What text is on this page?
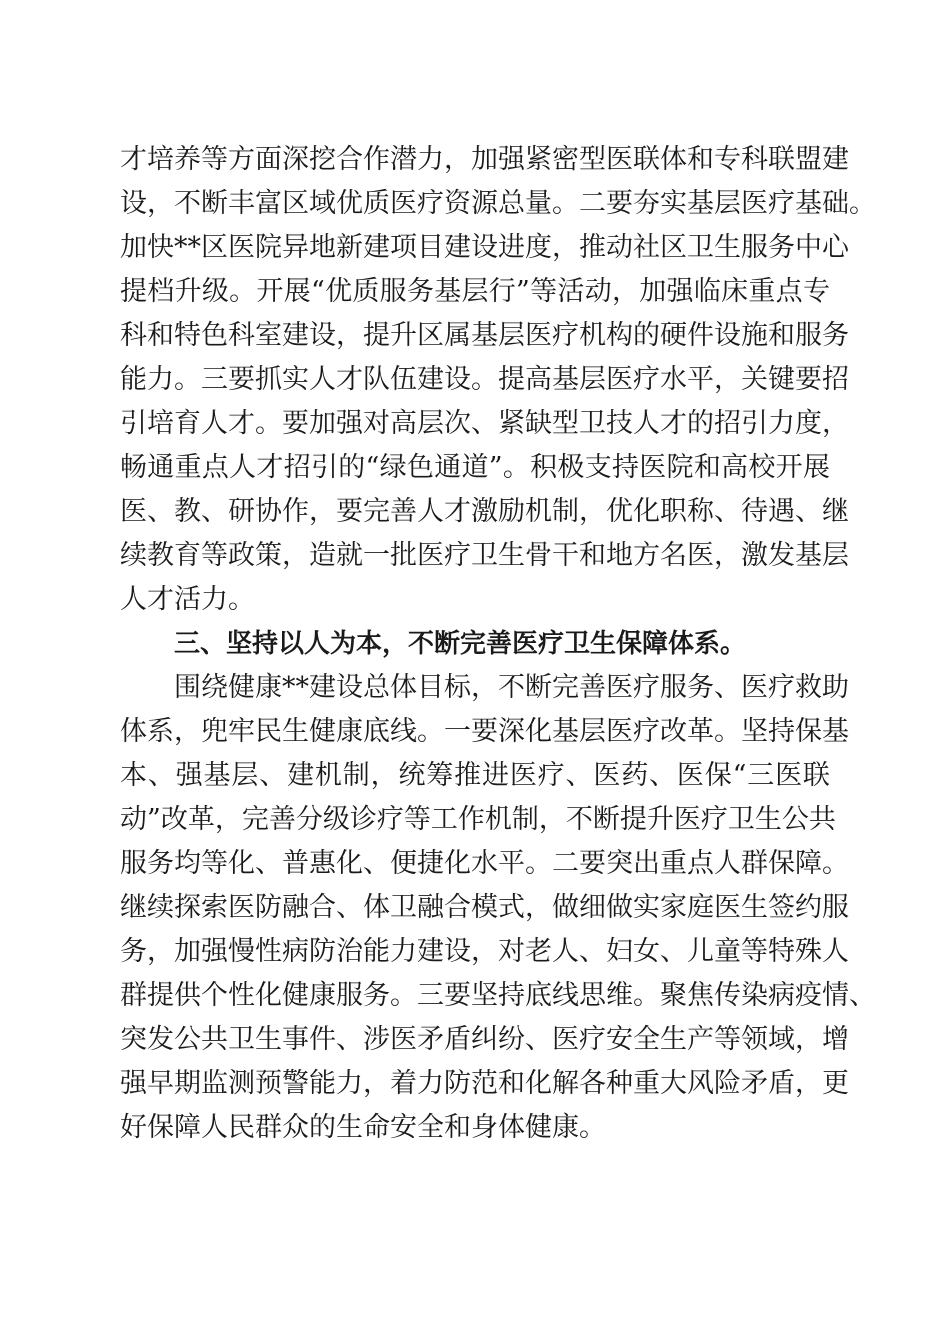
才 培 养 等 方 面 深 挖 合 作 潜 力 ， 加 强 紧 密 型 医 联 体 和 专 科 联 盟 建
设 ， 不 断 丰 富 区 域 优 质 医 疗 资 源 总 量 。 二 要 夯 实 基 层 医 疗 基 础 。
加 快 * * 区 医 院 异 地 新 建 项 目 建 设 进 度 ， 推 动 社 区 卫 生 服 务 中 心
提 档 升 级 。 开 展 “ 优 质 服 务 基 层 行 ” 等 活 动 ， 加 强 临 床 重 点 专
科 和 特 色 科 室 建 设 ， 提 升 区 属 基 层 医 疗 机 构 的 硬 件 设 施 和 服 务
能 力 。 三 要 抓 实 人 才 队 伍 建 设 。 提 高 基 层 医 疗 水 平 ， 关 键 要 招
引 培 育 人 才 。 要 加 强 对 高 层 次 、 紧 缺 型 卫 技 人 才 的 招 引 力 度 ，
畅 通 重 点 人 才 招 引 的 “ 绿 色 通 道 ” 。 积 极 支 持 医 院 和 高 校 开 展
医 、 教 、 研 协 作 ， 要 完 善 人 才 激 励 机 制 ， 优 化 职 称 、 待 遇 、 继
续 教 育 等 政 策 ， 造 就 一 批 医 疗 卫 生 骨 干 和 地 方 名 医 ， 激 发 基 层
人才活力。
三、坚持以人为本，不断完善医疗卫生保障体系。
围 绕 健 康 * * 建 设 总 体 目 标 ， 不 断 完 善 医 疗 服 务 、 医 疗 救 助
体 系 ， 兜 牢 民 生 健 康 底 线 。 一 要 深 化 基 层 医 疗 改 革 。 坚 持 保 基
本 、 强 基 层 、 建 机 制 ， 统 筹 推 进 医 疗 、 医 药 、 医 保 “ 三 医 联
动 ” 改 革 ， 完 善 分 级 诊 疗 等 工 作 机 制 ， 不 断 提 升 医 疗 卫 生 公 共
服 务 均 等 化 、 普 惠 化 、 便 捷 化 水 平 。 二 要 突 出 重 点 人 群 保 障 。
继 续 探 索 医 防 融 合 、 体 卫 融 合 模 式 ， 做 细 做 实 家 庭 医 生 签 约 服
务 ， 加 强 慢 性 病 防 治 能 力 建 设 ， 对 老 人 、 妇 女 、 儿 童 等 特 殊 人
群 提 供 个 性 化 健 康 服 务 。 三 要 坚 持 底 线 思 维 。 聚 焦 传 染 病 疫 情 、
突 发 公 共 卫 生 事 件 、 涉 医 矛 盾 纠 纷 、 医 疗 安 全 生 产 等 领 域 ， 增
强 早 期 监 测 预 警 能 力 ， 着 力 防 范 和 化 解 各 种 重 大 风 险 矛 盾 ， 更
好保障人民群众的生命安全和身体健康。
